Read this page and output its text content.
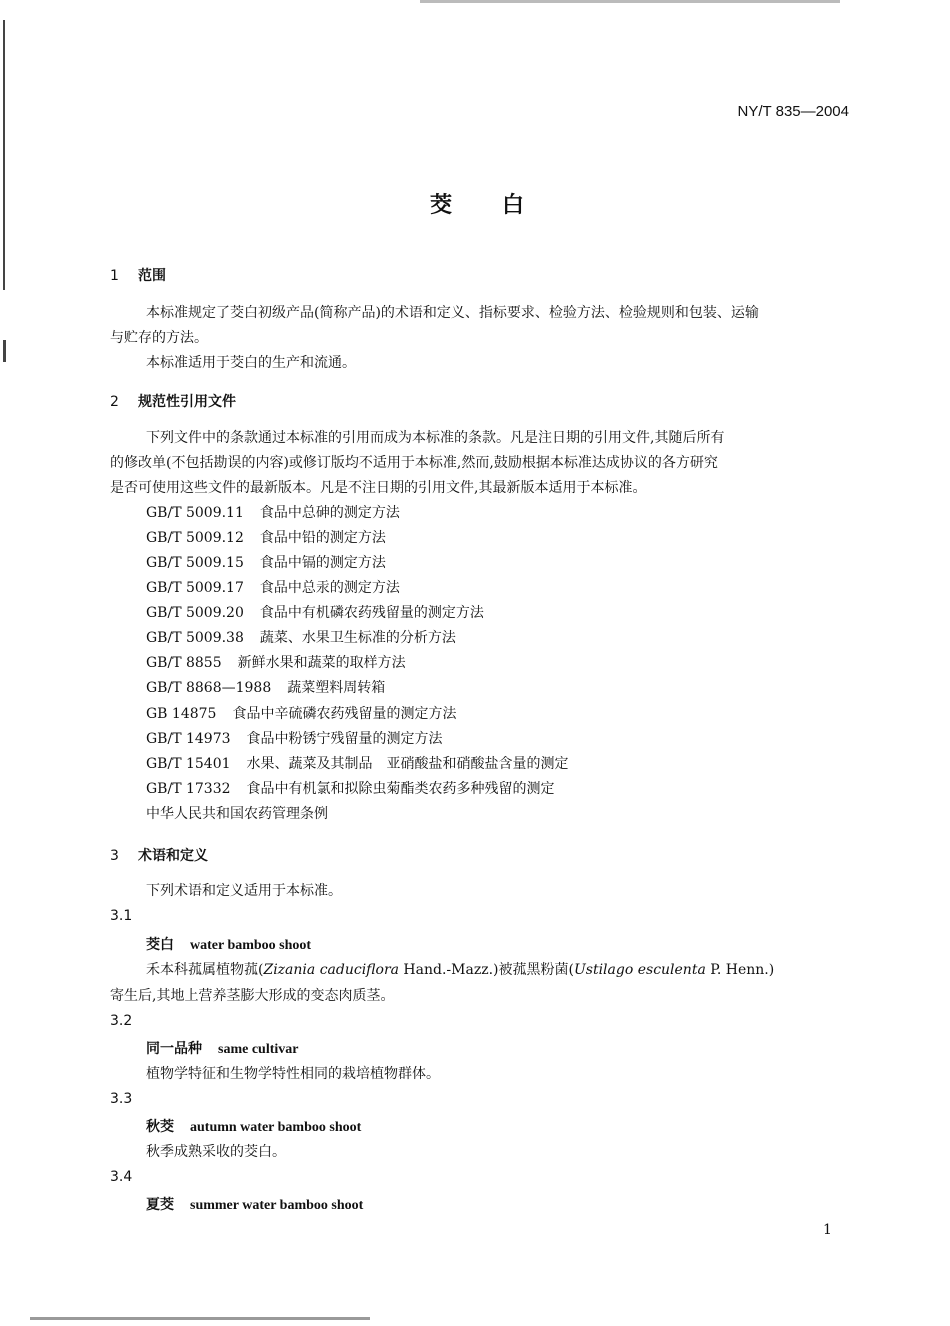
NY/T 835—2004
茭白
1 范围
本标准规定了茭白初级产品(简称产品)的术语和定义、指标要求、检验方法、检验规则和包装、运输
与贮存的方法。
本标准适用于茭白的生产和流通。
2 规范性引用文件
下列文件中的条款通过本标准的引用而成为本标准的条款。凡是注日期的引用文件,其随后所有
的修改单(不包括勘误的内容)或修订版均不适用于本标准,然而,鼓励根据本标准达成协议的各方研究
是否可使用这些文件的最新版本。凡是不注日期的引用文件,其最新版本适用于本标准。
GB/T 5009.11 食品中总砷的测定方法
GB/T 5009.12 食品中铅的测定方法
GB/T 5009.15 食品中镉的测定方法
GB/T 5009.17 食品中总汞的测定方法
GB/T 5009.20 食品中有机磷农药残留量的测定方法
GB/T 5009.38 蔬菜、水果卫生标准的分析方法
GB/T 8855 新鲜水果和蔬菜的取样方法
GB/T 8868—1988 蔬菜塑料周转箱
GB 14875 食品中辛硫磷农药残留量的测定方法
GB/T 14973 食品中粉锈宁残留量的测定方法
GB/T 15401 水果、蔬菜及其制品　亚硝酸盐和硝酸盐含量的测定
GB/T 17332 食品中有机氯和拟除虫菊酯类农药多种残留的测定
中华人民共和国农药管理条例
3 术语和定义
下列术语和定义适用于本标准。
3.1
茭白 water bamboo shoot
禾本科菰属植物菰(Zizania caduciflora Hand.-Mazz.)被菰黑粉菌(Ustilago esculenta P. Henn.)
寄生后,其地上营养茎膨大形成的变态肉质茎。
3.2
同一品种 same cultivar
植物学特征和生物学特性相同的栽培植物群体。
3.3
秋茭 autumn water bamboo shoot
秋季成熟采收的茭白。
3.4
夏茭 summer water bamboo shoot
1
